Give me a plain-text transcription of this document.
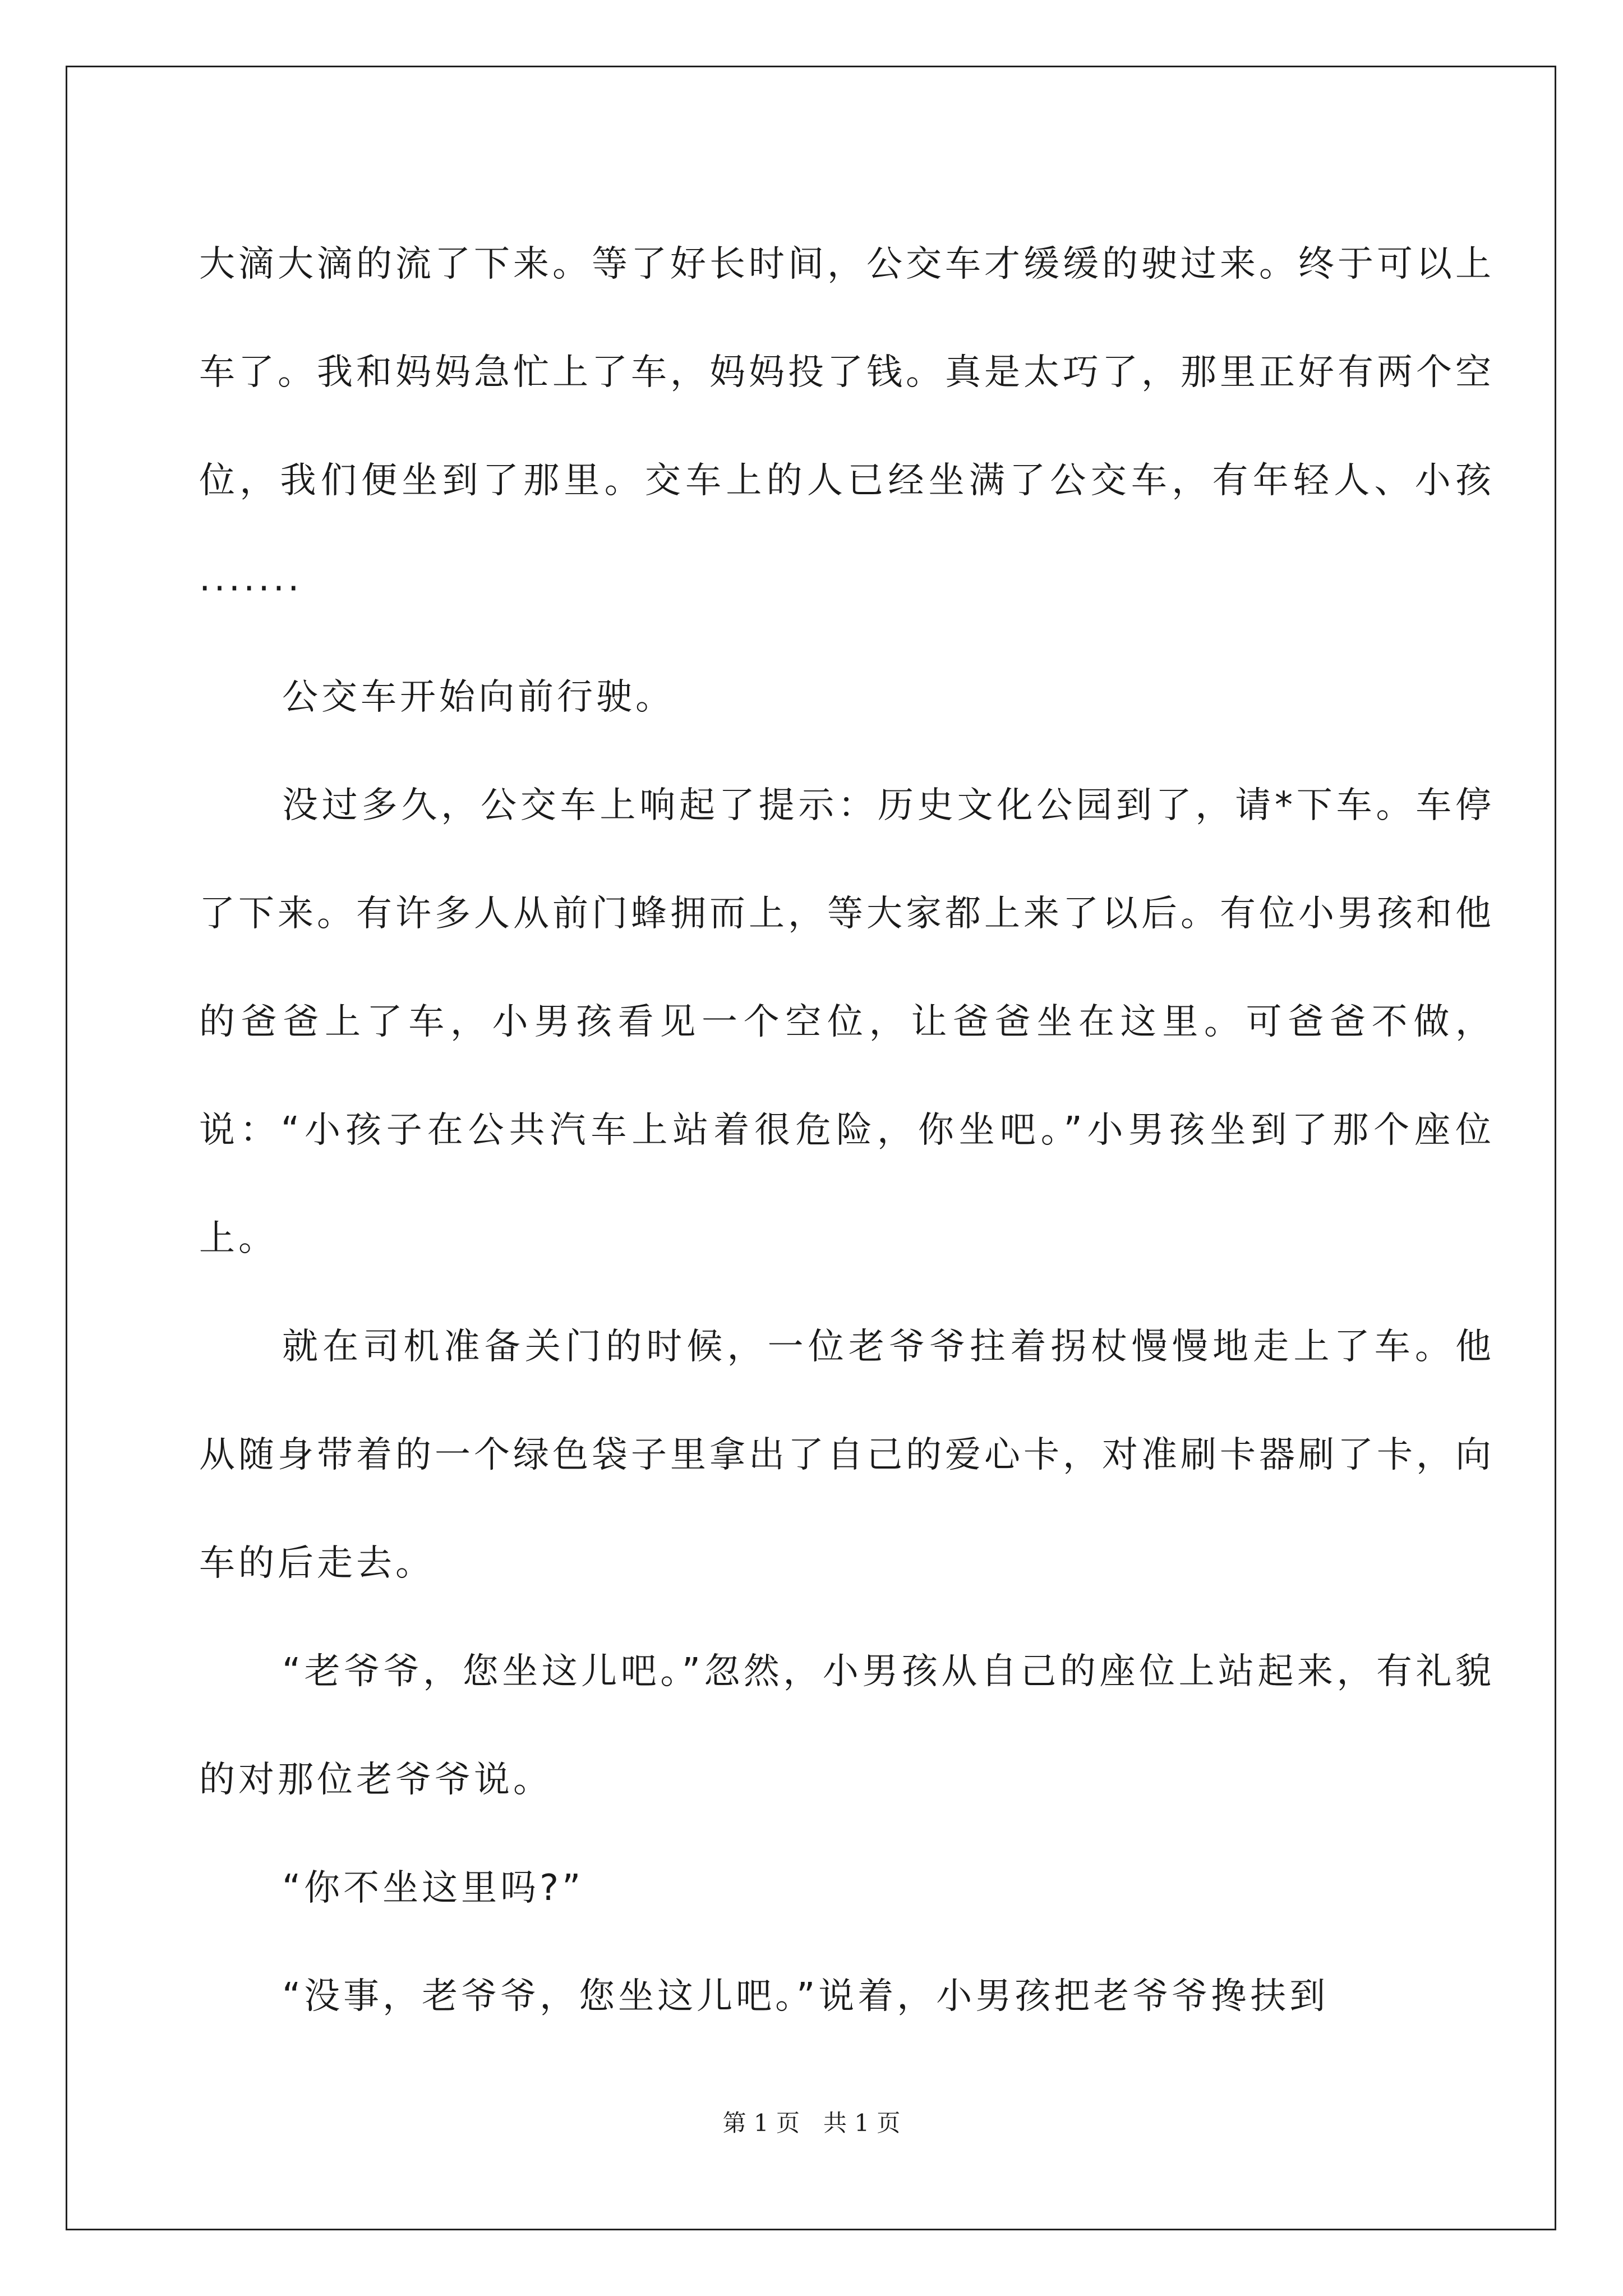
大滴大滴的流了下来。等了好长时间，公交车才缓缓的驶过来。终于可以上车了。我和妈妈急忙上了车，妈妈投了钱。真是太巧了，那里正好有两个空位，我们便坐到了那里。交车上的人已经坐满了公交车，有年轻人、小孩·······

公交车开始向前行驶。

没过多久，公交车上响起了提示：历史文化公园到了，请*下车。车停了下来。有许多人从前门蜂拥而上，等大家都上来了以后。有位小男孩和他的爸爸上了车，小男孩看见一个空位，让爸爸坐在这里。可爸爸不做，说：“小孩子在公共汽车上站着很危险，你坐吧。”小男孩坐到了那个座位上。

就在司机准备关门的时候，一位老爷爷拄着拐杖慢慢地走上了车。他从随身带着的一个绿色袋子里拿出了自己的爱心卡，对准刷卡器刷了卡，向车的后走去。

“老爷爷，您坐这儿吧。”忽然，小男孩从自己的座位上站起来，有礼貌的对那位老爷爷说。

“你不坐这里吗?”

“没事，老爷爷，您坐这儿吧。”说着，小男孩把老爷爷搀扶到

第 1 页 共 1 页
